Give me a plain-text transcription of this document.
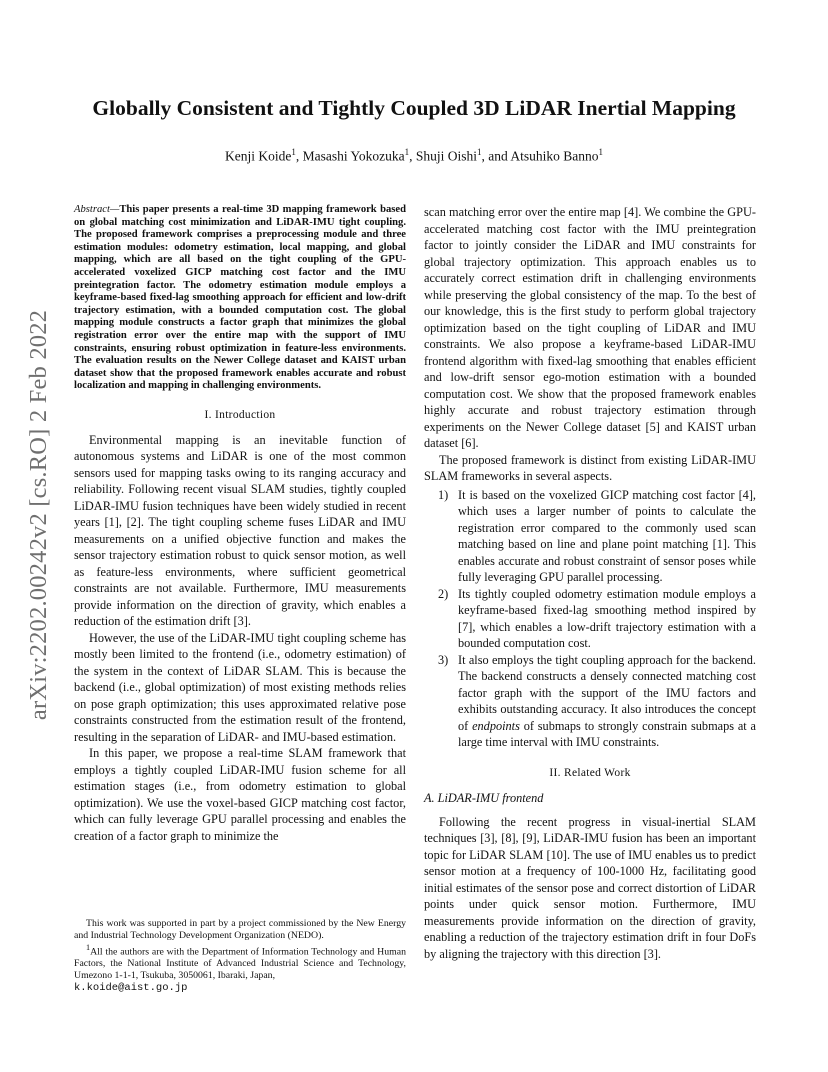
arXiv:2202.00242v2 [cs.RO] 2 Feb 2022
Globally Consistent and Tightly Coupled 3D LiDAR Inertial Mapping
Kenji Koide$^1$, Masashi Yokozuka$^1$, Shuji Oishi$^1$, and Atsuhiko Banno$^1$

Abstract—This paper presents a real-time 3D mapping framework based on global matching cost minimization and LiDAR-IMU tight coupling. The proposed framework comprises a preprocessing module and three estimation modules: odometry estimation, local mapping, and global mapping, which are all based on the tight coupling of the GPU-accelerated voxelized GICP matching cost factor and the IMU preintegration factor. The odometry estimation module employs a keyframe-based fixed-lag smoothing approach for efficient and low-drift trajectory estimation, with a bounded computation cost. The global mapping module constructs a factor graph that minimizes the global registration error over the entire map with the support of IMU constraints, ensuring robust optimization in feature-less environments. The evaluation results on the Newer College dataset and KAIST urban dataset show that the proposed framework enables accurate and robust localization and mapping in challenging environments.

I. Introduction

Environmental mapping is an inevitable function of autonomous systems and LiDAR is one of the most common sensors used for mapping tasks owing to its ranging accuracy and reliability. Following recent visual SLAM studies, tightly coupled LiDAR-IMU fusion techniques have been widely studied in recent years [1], [2]. The tight coupling scheme fuses LiDAR and IMU measurements on a unified objective function and makes the sensor trajectory estimation robust to quick sensor motion, as well as feature-less environments, where sufficient geometrical constraints are not available. Furthermore, IMU measurements provide information on the direction of gravity, which enables a reduction of the estimation drift [3].

However, the use of the LiDAR-IMU tight coupling scheme has mostly been limited to the frontend (i.e., odometry estimation) of the system in the context of LiDAR SLAM. This is because the backend (i.e., global optimization) of most existing methods relies on pose graph optimization; this uses approximated relative pose constraints constructed from the estimation result of the frontend, resulting in the separation of LiDAR- and IMU-based estimation.

In this paper, we propose a real-time SLAM framework that employs a tightly coupled LiDAR-IMU fusion scheme for all estimation stages (i.e., from odometry estimation to global optimization). We use the voxel-based GICP matching cost factor, which can fully leverage GPU parallel processing and enables the creation of a factor graph to minimize the

scan matching error over the entire map [4]. We combine the GPU-accelerated matching cost factor with the IMU preintegration factor to jointly consider the LiDAR and IMU constraints for global trajectory optimization. This approach enables us to accurately correct estimation drift in challenging environments while preserving the global consistency of the map. To the best of our knowledge, this is the first study to perform global trajectory optimization based on the tight coupling of LiDAR and IMU constraints. We also propose a keyframe-based LiDAR-IMU frontend algorithm with fixed-lag smoothing that enables efficient and low-drift sensor ego-motion estimation with a bounded computation cost. We show that the proposed framework enables highly accurate and robust trajectory estimation through experiments on the Newer College dataset [5] and KAIST urban dataset [6].

The proposed framework is distinct from existing LiDAR-IMU SLAM frameworks in several aspects.

1) It is based on the voxelized GICP matching cost factor [4], which uses a larger number of points to calculate the registration error compared to the commonly used scan matching based on line and plane point matching [1]. This enables accurate and robust constraint of sensor poses while fully leveraging GPU parallel processing.
2) Its tightly coupled odometry estimation module employs a keyframe-based fixed-lag smoothing method inspired by [7], which enables a low-drift trajectory estimation with a bounded computation cost.
3) It also employs the tight coupling approach for the backend. The backend constructs a densely connected matching cost factor graph with the support of the IMU factors and exhibits outstanding accuracy. It also introduces the concept of endpoints of submaps to strongly constrain submaps at a large time interval with IMU constraints.
II. Related Work
A. LiDAR-IMU frontend

Following the recent progress in visual-inertial SLAM techniques [3], [8], [9], LiDAR-IMU fusion has been an important topic for LiDAR SLAM [10]. The use of IMU enables us to predict sensor motion at a frequency of 100-1000 Hz, facilitating good initial estimates of the sensor pose and correct distortion of LiDAR points under quick sensor motion. Furthermore, IMU measurements provide information on the direction of gravity, enabling a reduction of the trajectory estimation drift in four DoFs by aligning the trajectory with this direction [3].

This work was supported in part by a project commissioned by the New Energy and Industrial Technology Development Organization (NEDO).

$^1$All the authors are with the Department of Information Technology and Human Factors, the National Institute of Advanced Industrial Science and Technology, Umezono 1-1-1, Tsukuba, 3050061, Ibaraki, Japan,
k.koide@aist.go.jp
